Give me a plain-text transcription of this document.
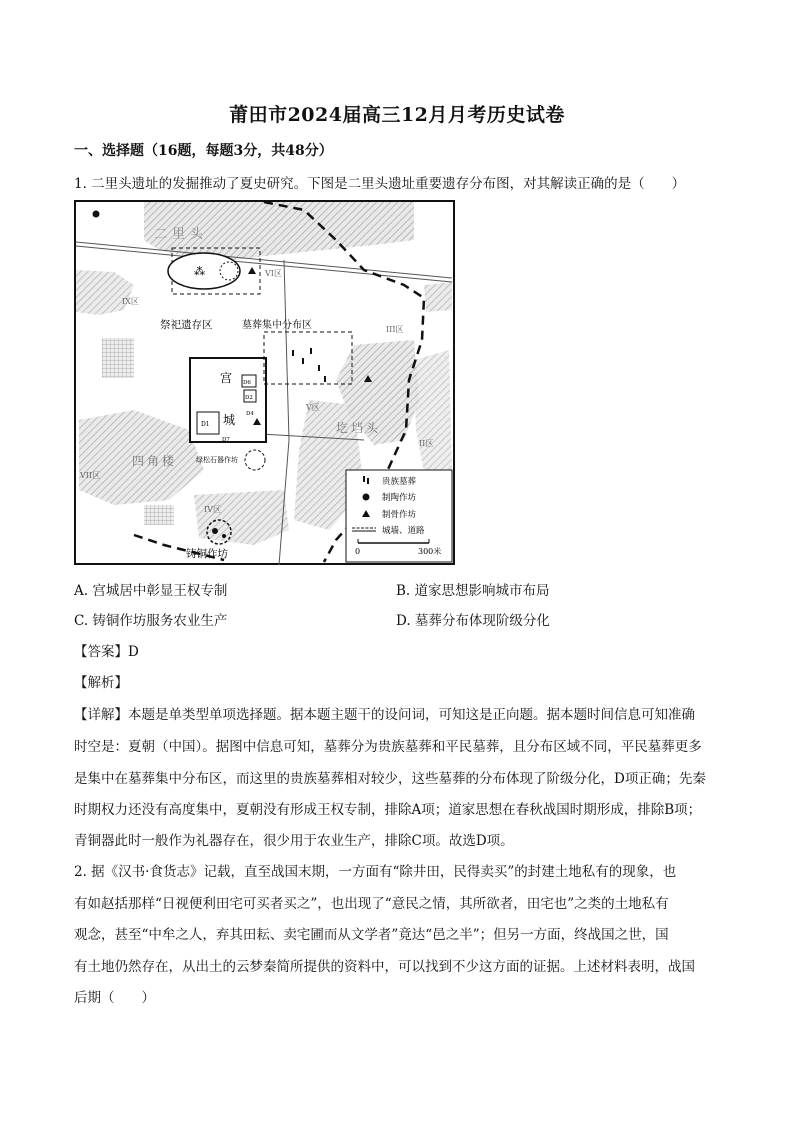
莆田市2024届高三12月月考历史试卷
一、选择题（16题，每题3分，共48分）
1. 二里头遗址的发掘推动了夏史研究。下图是二里头遗址重要遗存分布图，对其解读正确的是（　　）
宫
城
D1
D6
D2
D4
D7
⁂
祭祀遗存区	墓葬集中分布区
绿松石器作坊
铸铜作坊
二里头
四角楼
圪垱头
IX区
VI区
III区
V区
II区
VII区
IV区
贵族墓葬
制陶作坊
制骨作坊
城墙、道路
0	300米
A. 宫城居中彰显王权专制	B. 道家思想影响城市布局
C. 铸铜作坊服务农业生产	D. 墓葬分布体现阶级分化
【答案】D
【解析】
【详解】本题是单类型单项选择题。据本题主题干的设问词，可知这是正向题。据本题时间信息可知准确
时空是：夏朝（中国）。据图中信息可知，墓葬分为贵族墓葬和平民墓葬，且分布区域不同，平民墓葬更多
是集中在墓葬集中分布区，而这里的贵族墓葬相对较少，这些墓葬的分布体现了阶级分化，D项正确；先秦
时期权力还没有高度集中，夏朝没有形成王权专制，排除A项；道家思想在春秋战国时期形成，排除B项；
青铜器此时一般作为礼器存在，很少用于农业生产，排除C项。故选D项。
2. 据《汉书·食货志》记载，直至战国末期，一方面有“除井田，民得卖买”的封建土地私有的现象，也
有如赵括那样“日视便利田宅可买者买之”，也出现了“意民之情，其所欲者，田宅也”之类的土地私有
观念，甚至“中牟之人，弃其田耘、卖宅圃而从文学者”竟达“邑之半”；但另一方面，终战国之世，国
有土地仍然存在，从出土的云梦秦简所提供的资料中，可以找到不少这方面的证据。上述材料表明，战国
后期（　　）
